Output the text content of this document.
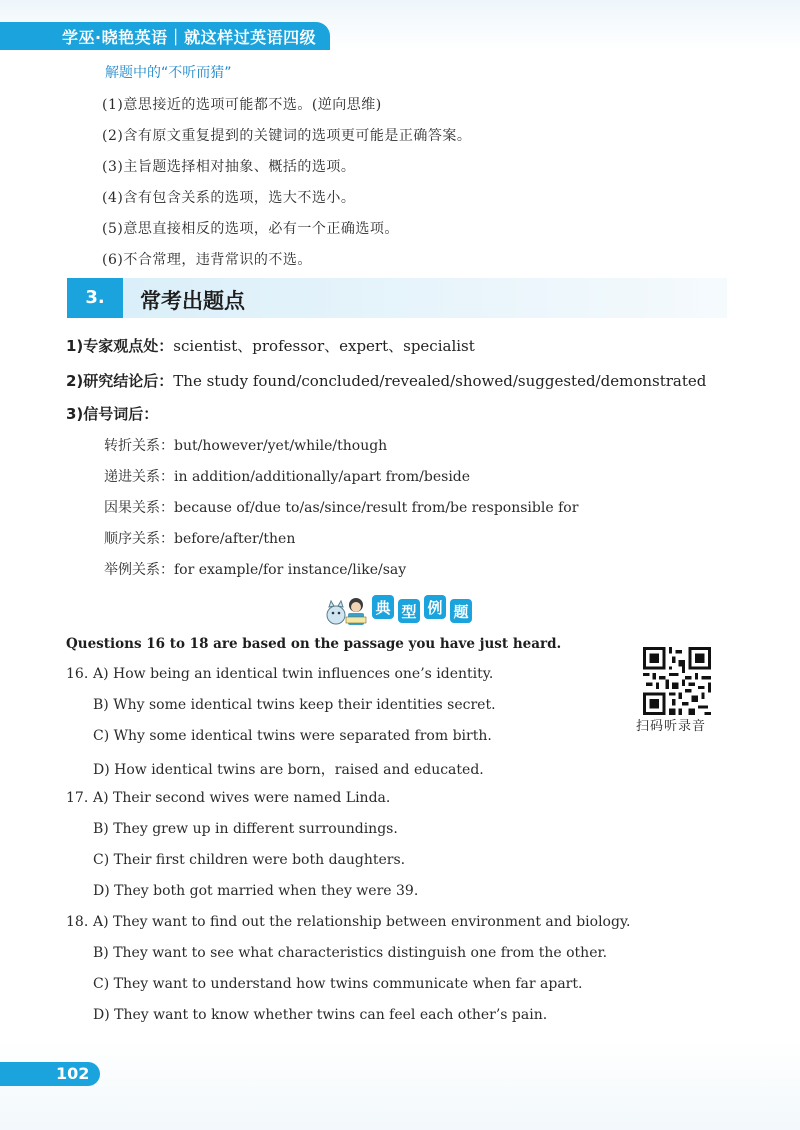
学巫·晓艳英语｜就这样过英语四级
解题中的“不听而猜”
(1)意思接近的选项可能都不选。(逆向思维)
(2)含有原文重复提到的关键词的选项更可能是正确答案。
(3)主旨题选择相对抽象、概括的选项。
(4)含有包含关系的选项，选大不选小。
(5)意思直接相反的选项，必有一个正确选项。
(6)不合常理，违背常识的不选。
3.	常考出题点
1)专家观点处：scientist、professor、expert、specialist
2)研究结论后：The study found/concluded/revealed/showed/suggested/demonstrated
3)信号词后：
转折关系：but/however/yet/while/though
递进关系：in addition/additionally/apart from/beside
因果关系：because of/due to/as/since/result from/be responsible for
顺序关系：before/after/then
举例关系：for example/for instance/like/say
典 型 例 题
Questions 16 to 18 are based on the passage you have just heard.
16. A) How being an identical twin influences one’s identity.
B) Why some identical twins keep their identities secret.
C) Why some identical twins were separated from birth.
D) How identical twins are born，raised and educated.
17. A) Their second wives were named Linda.
B) They grew up in different surroundings.
C) Their first children were both daughters.
D) They both got married when they were 39.
18. A) They want to find out the relationship between environment and biology.
B) They want to see what characteristics distinguish one from the other.
C) They want to understand how twins communicate when far apart.
D) They want to know whether twins can feel each other’s pain.
扫码听录音
102
